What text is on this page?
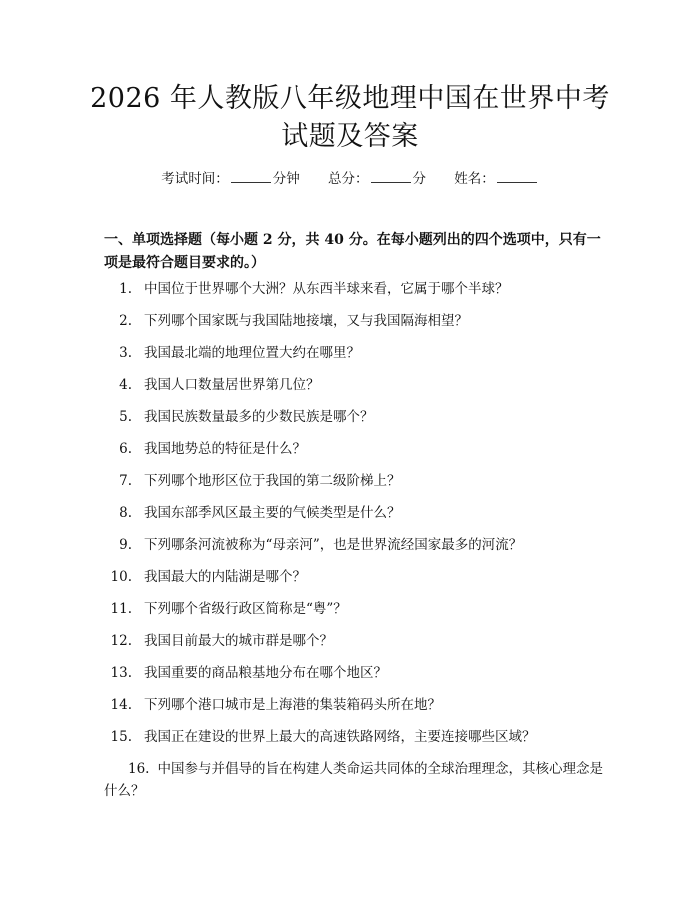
2026 年人教版八年级地理中国在世界中考试题及答案
考试时间：	分钟 总分：	分 姓名：

一、单项选择题（每小题 2 分，共 40 分。在每小题列出的四个选项中，只有一项是最符合题目要求的。）

1. 中国位于世界哪个大洲？从东西半球来看，它属于哪个半球？
2. 下列哪个国家既与我国陆地接壤，又与我国隔海相望？
3. 我国最北端的地理位置大约在哪里？
4. 我国人口数量居世界第几位？
5. 我国民族数量最多的少数民族是哪个？
6. 我国地势总的特征是什么？
7. 下列哪个地形区位于我国的第二级阶梯上？
8. 我国东部季风区最主要的气候类型是什么？
9. 下列哪条河流被称为“母亲河”，也是世界流经国家最多的河流？
10. 我国最大的内陆湖是哪个？
11. 下列哪个省级行政区简称是“粤”？
12. 我国目前最大的城市群是哪个？
13. 我国重要的商品粮基地分布在哪个地区？
14. 下列哪个港口城市是上海港的集装箱码头所在地？
15. 我国正在建设的世界上最大的高速铁路网络，主要连接哪些区域？
16. 中国参与并倡导的旨在构建人类命运共同体的全球治理理念，其核心理念是什么？
